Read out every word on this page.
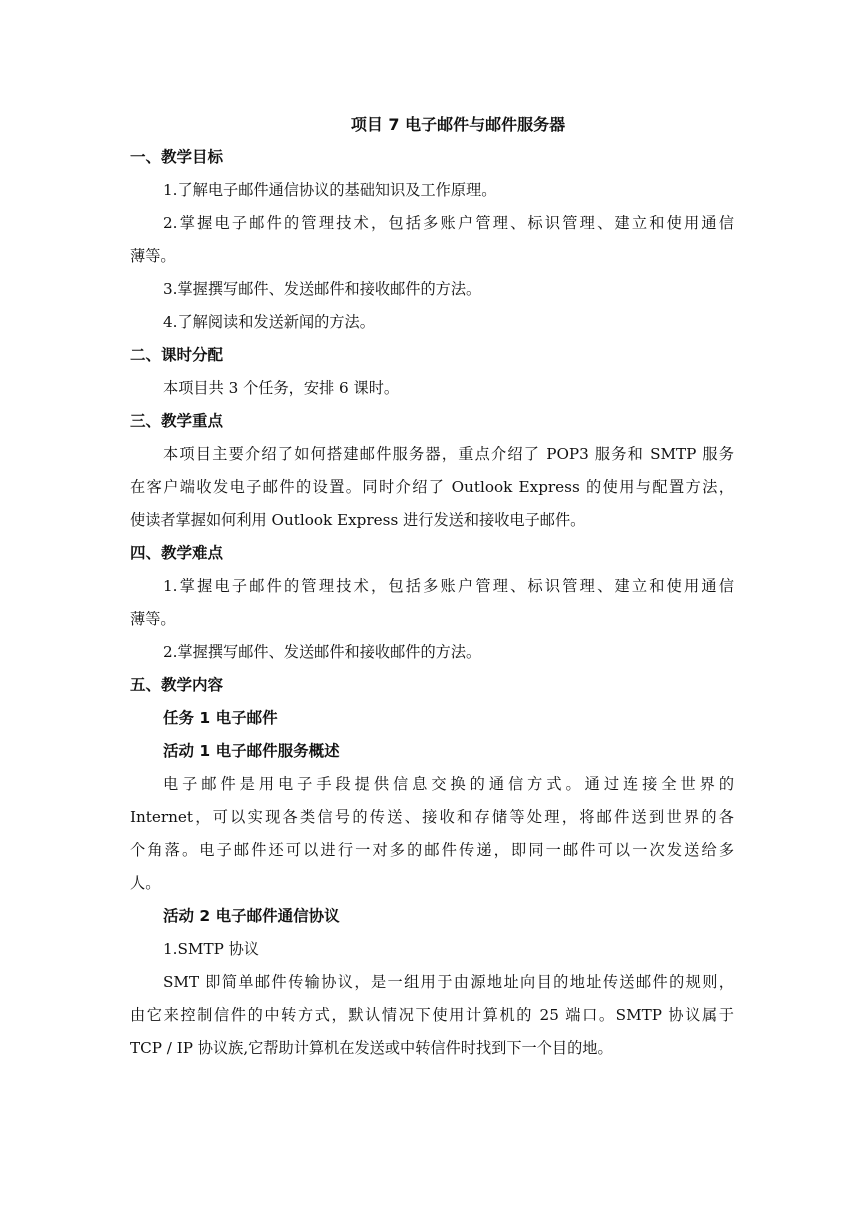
项目 7 电子邮件与邮件服务器

一、教学目标

1.了解电子邮件通信协议的基础知识及工作原理。

2.掌握电子邮件的管理技术，包括多账户管理、标识管理、建立和使用通信

薄等。

3.掌握撰写邮件、发送邮件和接收邮件的方法。

4.了解阅读和发送新闻的方法。

二、课时分配

本项目共 3 个任务，安排 6 课时。

三、教学重点

本项目主要介绍了如何搭建邮件服务器，重点介绍了 POP3 服务和 SMTP 服务

在客户端收发电子邮件的设置。同时介绍了 Outlook Express 的使用与配置方法，

使读者掌握如何利用 Outlook Express 进行发送和接收电子邮件。

四、教学难点

1.掌握电子邮件的管理技术，包括多账户管理、标识管理、建立和使用通信

薄等。

2.掌握撰写邮件、发送邮件和接收邮件的方法。

五、教学内容

任务 1 电子邮件

活动 1 电子邮件服务概述

电子邮件是用电子手段提供信息交换的通信方式。通过连接全世界的

Internet，可以实现各类信号的传送、接收和存储等处理，将邮件送到世界的各

个角落。电子邮件还可以进行一对多的邮件传递，即同一邮件可以一次发送给多

人。

活动 2 电子邮件通信协议

1.SMTP 协议

SMT 即简单邮件传输协议，是一组用于由源地址向目的地址传送邮件的规则，

由它来控制信件的中转方式，默认情况下使用计算机的 25 端口。SMTP 协议属于

TCP / IP 协议族,它帮助计算机在发送或中转信件时找到下一个目的地。
